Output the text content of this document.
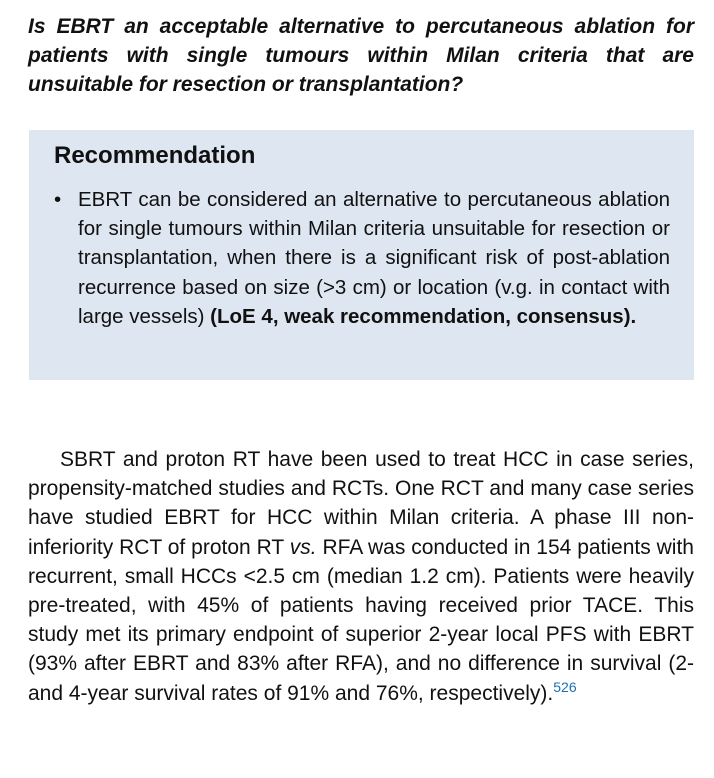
Is EBRT an acceptable alternative to percutaneous ablation for patients with single tumours within Milan criteria that are unsuitable for resection or transplantation?

Recommendation
• EBRT can be considered an alternative to percutaneous ablation for single tumours within Milan criteria unsuitable for resection or transplantation, when there is a significant risk of post-ablation recurrence based on size (>3 cm) or location (v.g. in contact with large vessels) (LoE 4, weak recommendation, consensus).

SBRT and proton RT have been used to treat HCC in case series, propensity-matched studies and RCTs. One RCT and many case series have studied EBRT for HCC within Milan criteria. A phase III non-inferiority RCT of proton RT vs. RFA was conducted in 154 patients with recurrent, small HCCs <2.5 cm (median 1.2 cm). Patients were heavily pre-treated, with 45% of patients having received prior TACE. This study met its primary endpoint of superior 2-year local PFS with EBRT (93% after EBRT and 83% after RFA), and no difference in survival (2- and 4-year survival rates of 91% and 76%, respectively).$^{526}$
